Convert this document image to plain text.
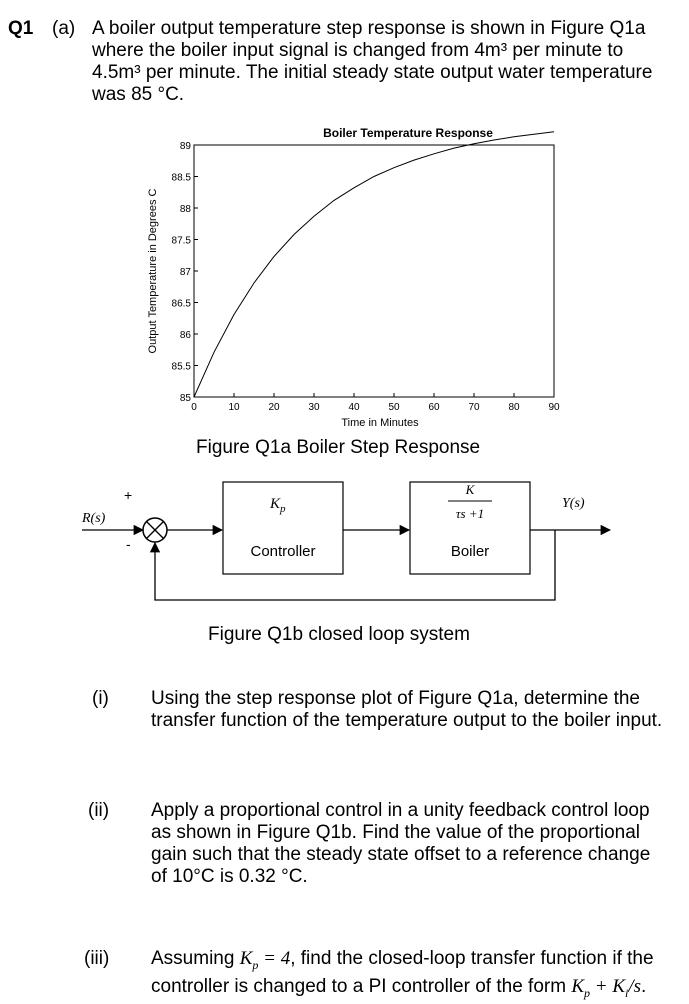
Q1 (a) A boiler output temperature step response is shown in Figure Q1a
where the boiler input signal is changed from 4m³ per minute to
4.5m³ per minute. The initial steady state output water temperature
was 85 °C.
Boiler Temperature Response
85
85.5
86
86.5
87
87.5
88
88.5
89
0	10	20	30	40	50	60	70	80	90
Time in Minutes
Output Temperature in Degrees C
Figure Q1a Boiler Step Response
R(s)
+
-
$K_p$
Controller
K
τs +1
Boiler
Y(s)
Figure Q1b closed loop system
(i) Using the step response plot of Figure Q1a, determine the
transfer function of the temperature output to the boiler input.
(ii) Apply a proportional control in a unity feedback control loop
as shown in Figure Q1b. Find the value of the proportional
gain such that the steady state offset to a reference change
of 10°C is 0.32 °C.
(iii) Assuming $K_p = 4$, find the closed-loop transfer function if the
controller is changed to a PI controller of the form $K_p + K_i/s$.
